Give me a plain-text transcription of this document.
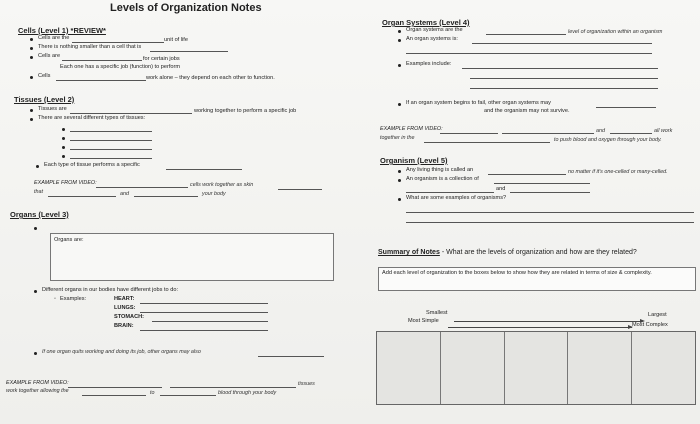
Levels of Organization Notes
Cells (Level 1) *REVIEW*
Cells are the	unit of life
There is nothing smaller than a cell that is
Cells are	for certain jobs
Each one has a specific job (function) to perform
Cells	work alone – they depend on each other to function.
Tissues (Level 2)
Tissues are	working together to perform a specific job
There are several different types of tissues:
Each type of tissue performs a specific
EXAMPLE FROM VIDEO:	cells work together as skin
that	and	your body
Organs (Level 3)
Organs are:
Different organs in our bodies have different jobs to do:
◦ Examples:	HEART:
LUNGS:
STOMACH:
BRAIN:
If one organ quits working and doing its job, other organs may also
EXAMPLE FROM VIDEO:	tissues
work together allowing the	to	blood through your body
Organ Systems (Level 4)
Organ systems are the	level of organization within an organism
An organ systems is:
Examples include:
If an organ system begins to fail, other organ systems may
and the organism may not survive.
EXAMPLE FROM VIDEO:	and	all work
together in the	to push blood and oxygen through your body.
Organism (Level 5)
Any living thing is called an	no matter if it's one-celled or many-celled.
An organism is a collection of
and
What are some examples of organisms?
Summary of Notes - What are the levels of organization and how are they related?
Add each level of organization to the boxes below to show how they are related in terms of size & complexity.
Smallest
Most Simple
Largest
Most Complex
